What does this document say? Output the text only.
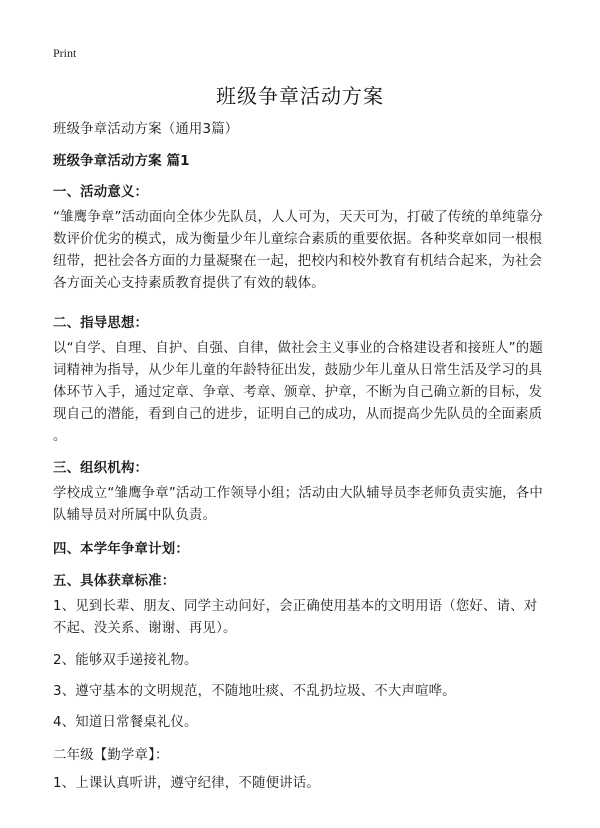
Print
班级争章活动方案
班级争章活动方案（通用3篇）
班级争章活动方案 篇1
一、活动意义：
“雏鹰争章”活动面向全体少先队员，人人可为，天天可为，打破了传统的单纯靠分
数评价优劣的模式，成为衡量少年儿童综合素质的重要依据。各种奖章如同一根根
纽带，把社会各方面的力量凝聚在一起，把校内和校外教育有机结合起来，为社会
各方面关心支持素质教育提供了有效的载体。
二、指导思想：
以“自学、自理、自护、自强、自律，做社会主义事业的合格建设者和接班人”的题
词精神为指导，从少年儿童的年龄特征出发，鼓励少年儿童从日常生活及学习的具
体环节入手，通过定章、争章、考章、颁章、护章，不断为自己确立新的目标，发
现自己的潜能，看到自己的进步，证明自己的成功，从而提高少先队员的全面素质
。
三、组织机构：
学校成立“雏鹰争章”活动工作领导小组；活动由大队辅导员李老师负责实施，各中
队辅导员对所属中队负责。
四、本学年争章计划：
五、具体获章标准：
1、见到长辈、朋友、同学主动问好，会正确使用基本的文明用语（您好、请、对
不起、没关系、谢谢、再见）。
2、能够双手递接礼物。
3、遵守基本的文明规范，不随地吐痰、不乱扔垃圾、不大声喧哗。
4、知道日常餐桌礼仪。
二年级【勤学章】：
1、上课认真听讲，遵守纪律，不随便讲话。
